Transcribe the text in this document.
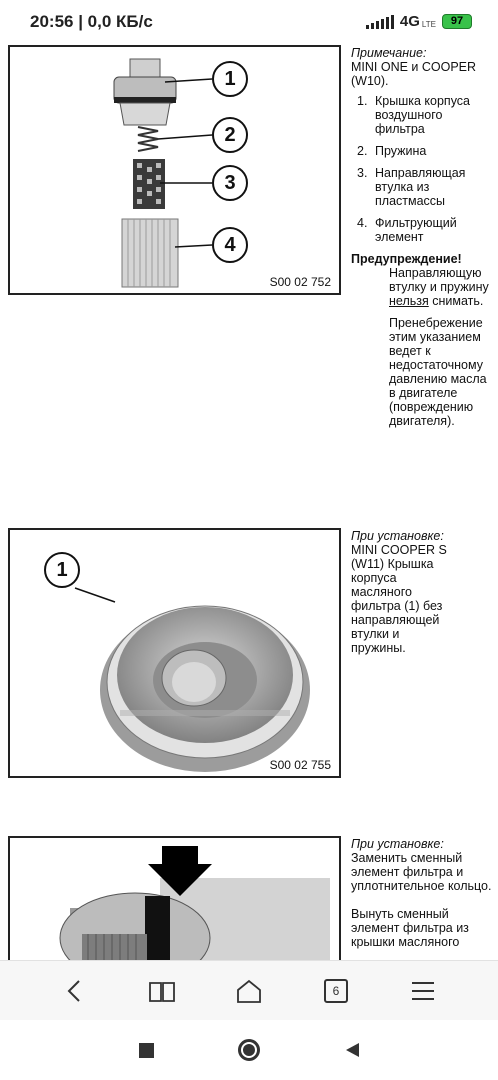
20:56 | 0,0 КБ/с	4G LTE	97
1
2
3
4
S00 02 752
Примечание:
MINI ONE и COOPER (W10).
1. Крышка корпуса воздушного фильтра
2. Пружина
3. Направляющая втулка из пластмассы
4. Фильтрующий элемент
Предупреждение!
Направляющую втулку и пружину нельзя снимать.
Пренебрежение этим указанием ведет к недостаточному давлению масла в двигателе (повреждению двигателя).
1
S00 02 755
При установке:
MINI COOPER S (W11) Крышка корпуса масляного фильтра (1) без направляющей втулки и пружины.
При установке:
Заменить сменный элемент фильтра и уплотнительное кольцо.
Вынуть сменный элемент фильтра из крышки масляного
6
